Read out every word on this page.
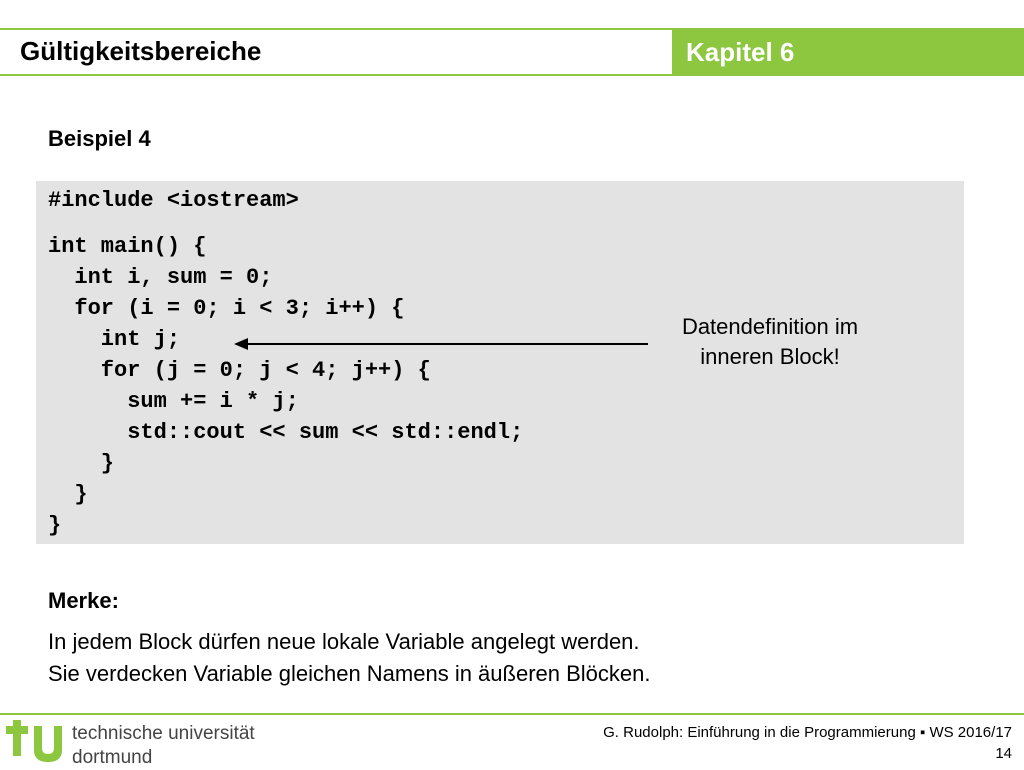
Gültigkeitsbereiche	Kapitel 6
Beispiel 4
#include <iostream>
int main() {
int i, sum = 0;
for (i = 0; i < 3; i++) {
int j;
for (j = 0; j < 4; j++) {
sum += i * j;
std::cout << sum << std::endl;
}
}
}
Datendefinition im
inneren Block!
Merke:
In jedem Block dürfen neue lokale Variable angelegt werden.
Sie verdecken Variable gleichen Namens in äußeren Blöcken.
technische universität
dortmund
G. Rudolph: Einführung in die Programmierung ▪ WS 2016/17
14
